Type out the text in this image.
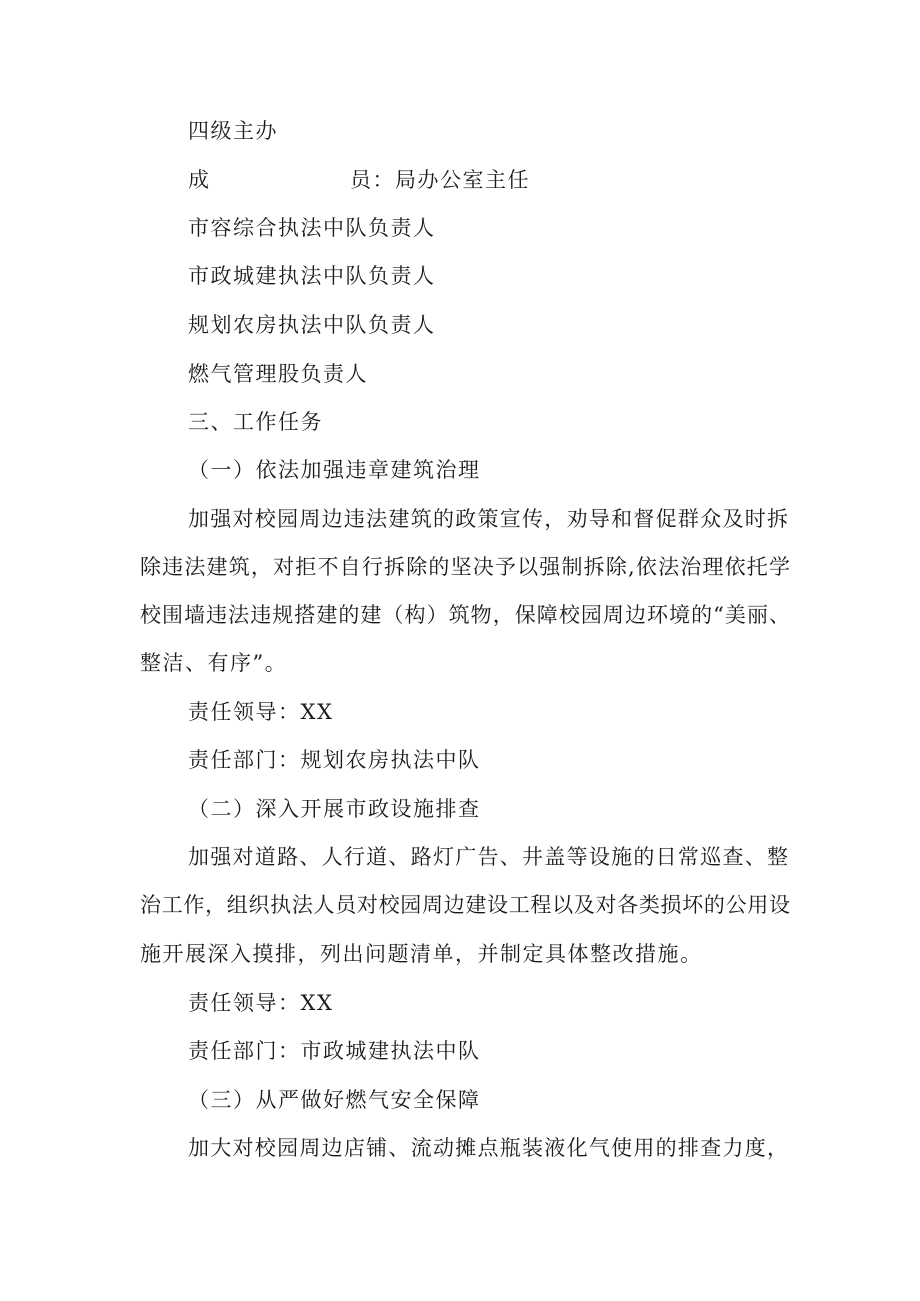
四级主办
成	员：局办公室主任
市容综合执法中队负责人
市政城建执法中队负责人
规划农房执法中队负责人
燃气管理股负责人
三、工作任务
（一）依法加强违章建筑治理
加强对校园周边违法建筑的政策宣传，劝导和督促群众及时拆
除违法建筑，对拒不自行拆除的坚决予以强制拆除,依法治理依托学
校围墙违法违规搭建的建（构）筑物，保障校园周边环境的“美丽、
整洁、有序”。
责任领导：XX
责任部门：规划农房执法中队
（二）深入开展市政设施排查
加强对道路、人行道、路灯广告、井盖等设施的日常巡查、整
治工作，组织执法人员对校园周边建设工程以及对各类损坏的公用设
施开展深入摸排，列出问题清单，并制定具体整改措施。
责任领导：XX
责任部门：市政城建执法中队
（三）从严做好燃气安全保障
加大对校园周边店铺、流动摊点瓶装液化气使用的排查力度，
